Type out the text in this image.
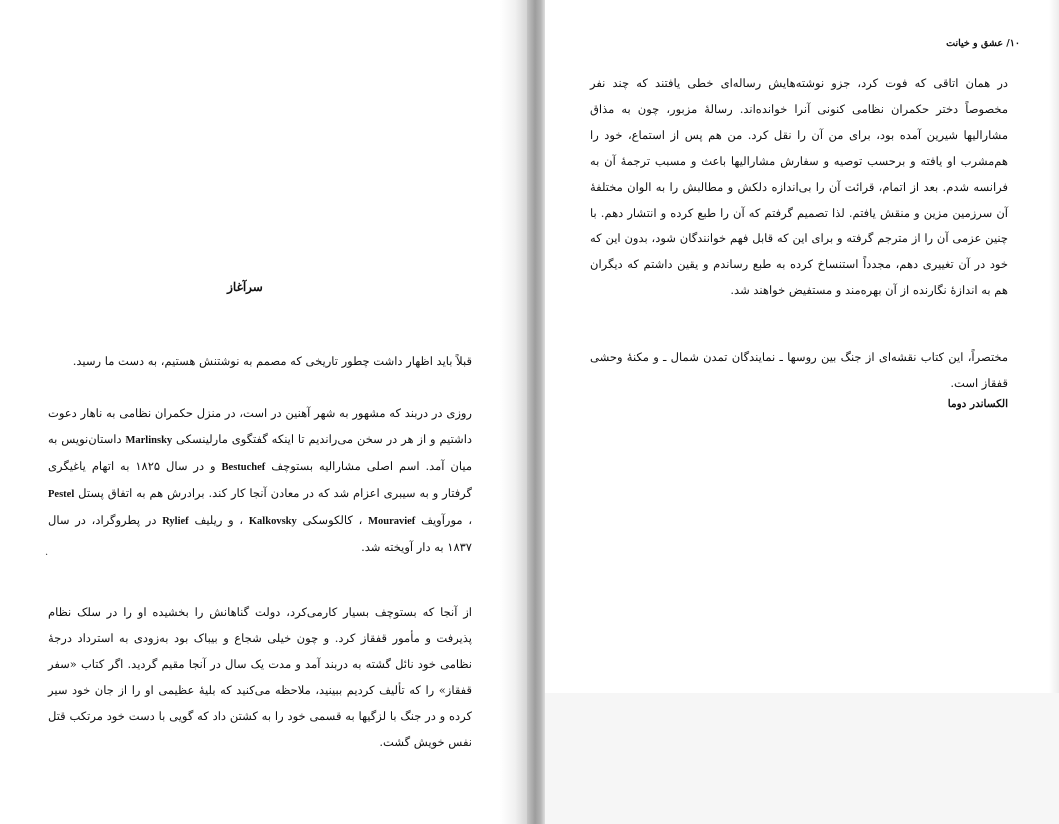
۱۰/ عشق و خیانت

در همان اتاقی که فوت کرد، جزو نوشته‌هایش رساله‌ای خطی یافتند که چند نفر مخصوصاً دختر حکمران نظامی کنونی آنرا خوانده‌اند. رسالهٔ مزبور، چون به مذاق مشارالیها شیرین آمده بود، برای من آن را نقل کرد. من هم پس از استماع، خود را هم‌مشرب او یافته و برحسب توصیه و سفارش مشارالیها باعث و مسبب ترجمهٔ آن به فرانسه شدم. بعد از اتمام، قرائت آن را بی‌اندازه دلکش و مطالبش را به الوان مختلفهٔ آن سرزمین مزین و منقش یافتم. لذا تصمیم گرفتم که آن را طبع کرده و انتشار دهم. با چنین عزمی آن را از مترجم گرفته و برای این که قابل فهم خوانندگان شود، بدون این که خود در آن تغییری دهم، مجدداً استنساخ کرده به طبع رساندم و یقین داشتم که دیگران هم به اندازهٔ نگارنده از آن بهره‌مند و مستفیض خواهند شد.

مختصراً، این کتاب نقشه‌ای از جنگ بین روسها ـ نمایندگان تمدن شمال ـ و مکنهٔ وحشی قفقاز است.

الکساندر دوما
سرآغاز

قبلاً باید اظهار داشت چطور تاریخی که مصمم به نوشتنش هستیم، به دست ما رسید.

روزی در دربند که مشهور به شهر آهنین در است، در منزل حکمران نظامی به ناهار دعوت داشتیم و از هر در سخن می‌راندیم تا اینکه گفتگوی مارلینسکی Marlinsky داستان‌نویس به میان آمد. اسم اصلی مشارالیه بستوچف Bestuchef و در سال ۱۸۲۵ به اتهام یاغیگری گرفتار و به سیبری اعزام شد که در معادن آنجا کار کند. برادرش هم به اتفاق پستل Pestel ، مورآویف Mouravief ، کالکوسکی Kalkovsky ، و ریلیف Rylief در پطروگراد، در سال ۱۸۳۷ به دار آویخته شد.

از آنجا که بستوچف بسیار کارمی‌کرد، دولت گناهانش را بخشیده او را در سلک نظام پذیرفت و مأمور قفقاز کرد. و چون خیلی شجاع و بیباک بود به‌زودی به استرداد درجهٔ نظامی خود نائل گشته به دربند آمد و مدت یک سال در آنجا مقیم گردید. اگر کتاب «سفر قفقاز» را که تألیف کردیم ببینید، ملاحظه می‌کنید که بلیهٔ عظیمی او را از جان خود سیر کرده و در جنگ با لزگیها به قسمی خود را به کشتن داد که گویی با دست خود مرتکب قتل نفس خویش گشت.

·
